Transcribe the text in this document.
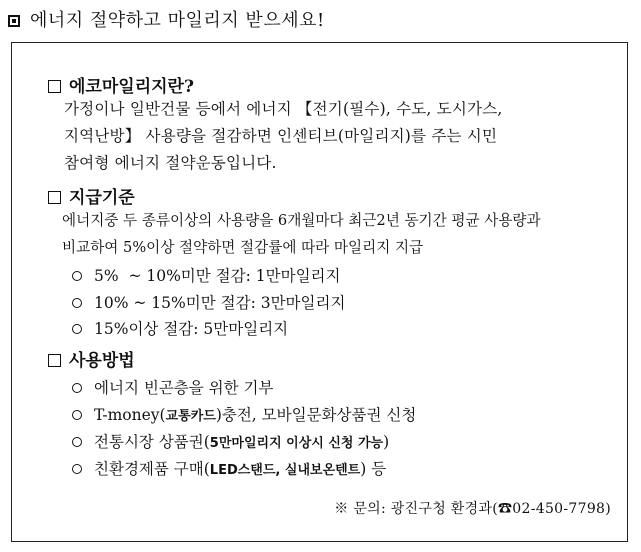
에너지 절약하고 마일리지 받으세요!
에코마일리지란?
가정이나 일반건물 등에서 에너지 【전기(필수), 수도, 도시가스,
지역난방】 사용량을 절감하면 인센티브(마일리지)를 주는 시민
참여형 에너지 절약운동입니다.
지급기준
에너지중 두 종류이상의 사용량을 6개월마다 최근2년 동기간 평균 사용량과
비교하여 5%이상 절약하면 절감률에 따라 마일리지 지급
5%  ~ 10%미만 절감: 1만마일리지
10% ~ 15%미만 절감: 3만마일리지
15%이상 절감: 5만마일리지
사용방법
에너지 빈곤층을 위한 기부
T-money(교통카드)충전, 모바일문화상품권 신청
전통시장 상품권(5만마일리지 이상시 신청 가능)
친환경제품 구매(LED스탠드, 실내보온텐트) 등
※ 문의: 광진구청 환경과(☎02-450-7798)
